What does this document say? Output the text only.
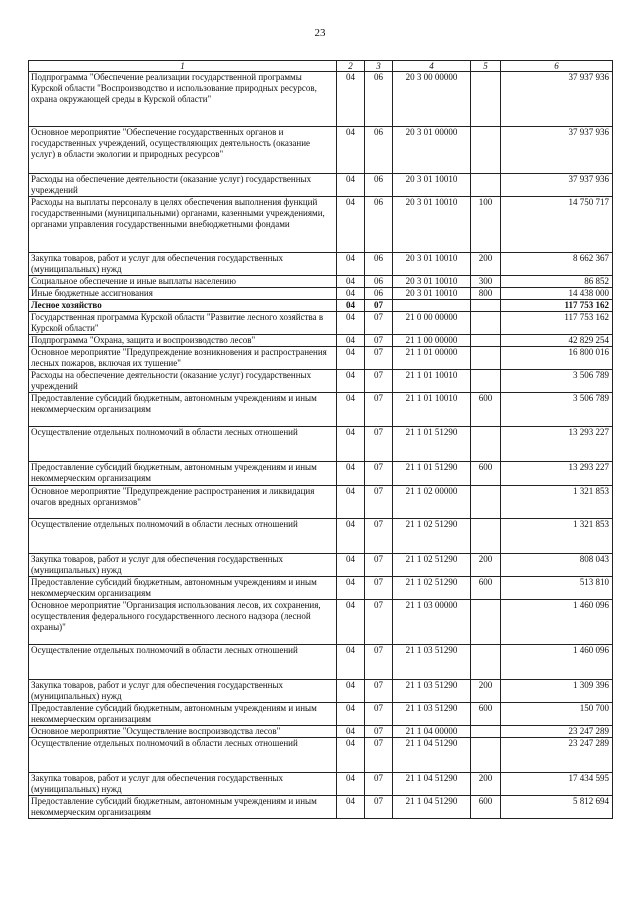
23
1	2	3	4	5	6
Подпрограмма "Обеспечение реализации государственной программы Курской области "Воспроизводство и использование природных ресурсов, охрана окружающей среды в Курской области"	04	06	20 3 00 00000		37 937 936
Основное мероприятие "Обеспечение государственных органов и государственных учреждений, осуществляющих деятельность (оказание услуг) в области экологии и природных ресурсов"	04	06	20 3 01 00000		37 937 936
Расходы на обеспечение деятельности (оказание услуг) государственных учреждений	04	06	20 3 01 10010		37 937 936
Расходы на выплаты персоналу в целях обеспечения выполнения функций государственными (муниципальными) органами, казенными учреждениями, органами управления государственными внебюджетными фондами	04	06	20 3 01 10010	100	14 750 717
Закупка товаров, работ и услуг для обеспечения государственных (муниципальных) нужд	04	06	20 3 01 10010	200	8 662 367
Социальное обеспечение и иные выплаты населению	04	06	20 3 01 10010	300	86 852
Иные бюджетные ассигнования	04	06	20 3 01 10010	800	14 438 000
Лесное хозяйство	04	07			117 753 162
Государственная программа Курской области "Развитие лесного хозяйства в Курской области"	04	07	21 0 00 00000		117 753 162
Подпрограмма "Охрана, защита и воспроизводство лесов"	04	07	21 1 00 00000		42 829 254
Основное мероприятие "Предупреждение возникновения и распространения лесных пожаров, включая их тушение"	04	07	21 1 01 00000		16 800 016
Расходы на обеспечение деятельности (оказание услуг) государственных учреждений	04	07	21 1 01 10010		3 506 789
Предоставление субсидий бюджетным, автономным учреждениям и иным некоммерческим организациям	04	07	21 1 01 10010	600	3 506 789
Осуществление отдельных полномочий в области лесных отношений	04	07	21 1 01 51290		13 293 227
Предоставление субсидий бюджетным, автономным учреждениям и иным некоммерческим организациям	04	07	21 1 01 51290	600	13 293 227
Основное мероприятие "Предупреждение распространения и ликвидация очагов вредных организмов"	04	07	21 1 02 00000		1 321 853
Осуществление отдельных полномочий в области лесных отношений	04	07	21 1 02 51290		1 321 853
Закупка товаров, работ и услуг для обеспечения государственных (муниципальных) нужд	04	07	21 1 02 51290	200	808 043
Предоставление субсидий бюджетным, автономным учреждениям и иным некоммерческим организациям	04	07	21 1 02 51290	600	513 810
Основное мероприятие "Организация использования лесов, их сохранения, осуществления федерального государственного лесного надзора (лесной охраны)"	04	07	21 1 03 00000		1 460 096
Осуществление отдельных полномочий в области лесных отношений	04	07	21 1 03 51290		1 460 096
Закупка товаров, работ и услуг для обеспечения государственных (муниципальных) нужд	04	07	21 1 03 51290	200	1 309 396
Предоставление субсидий бюджетным, автономным учреждениям и иным некоммерческим организациям	04	07	21 1 03 51290	600	150 700
Основное мероприятие "Осуществление воспроизводства лесов"	04	07	21 1 04 00000		23 247 289
Осуществление отдельных полномочий в области лесных отношений	04	07	21 1 04 51290		23 247 289
Закупка товаров, работ и услуг для обеспечения государственных (муниципальных) нужд	04	07	21 1 04 51290	200	17 434 595
Предоставление субсидий бюджетным, автономным учреждениям и иным некоммерческим организациям	04	07	21 1 04 51290	600	5 812 694
